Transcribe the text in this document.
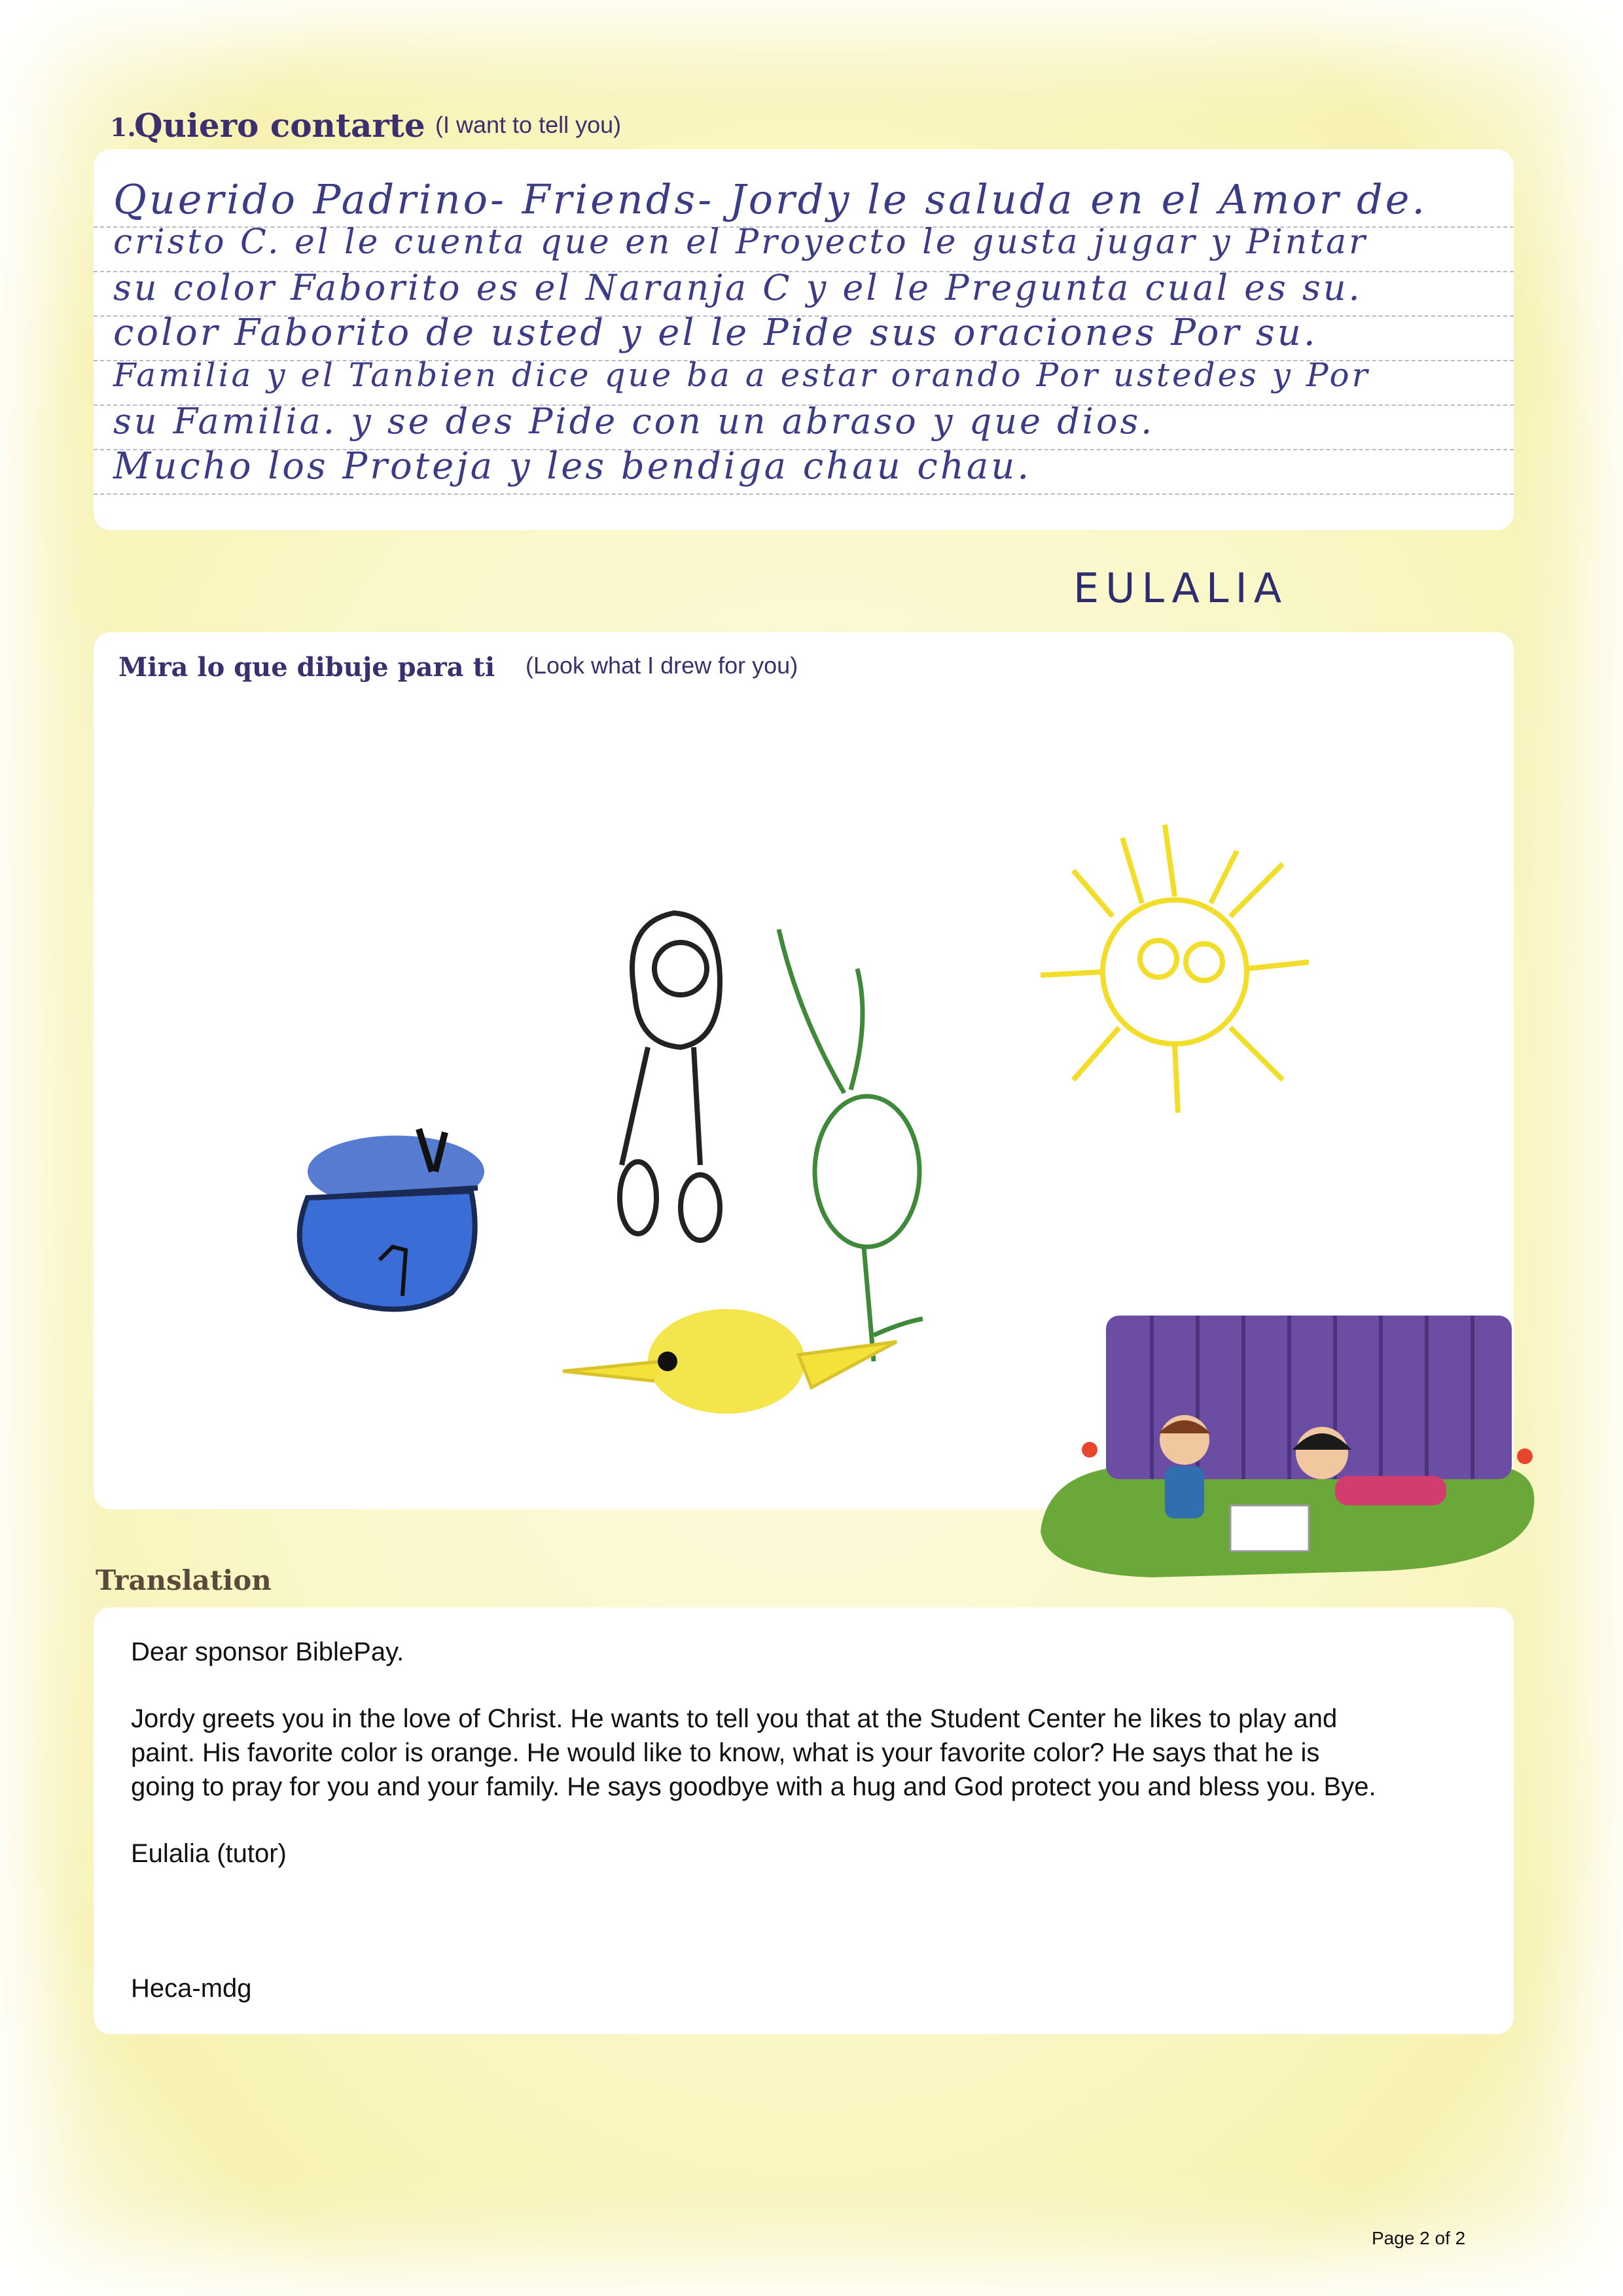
1.
Quiero contarte (I want to tell you)
Querido Padrino- Friends- Jordy le saluda en el Amor de.
cristo C. el le cuenta que en el Proyecto le gusta jugar y Pintar
su color Faborito es el Naranja C y el le Pregunta cual es su.
color Faborito de usted y el le Pide sus oraciones Por su.
Familia y el Tanbien dice que ba a estar orando Por ustedes y Por
su Familia. y se des Pide con un abraso y que dios.
Mucho los Proteja y les bendiga chau chau.
EULALIA
Mira lo que dibuje para ti (Look what I drew for you)
Translation
Dear sponsor BiblePay.
Jordy greets you in the love of Christ. He wants to tell you that at the Student Center he likes to play and
paint. His favorite color is orange. He would like to know, what is your favorite color? He says that he is
going to pray for you and your family. He says goodbye with a hug and God protect you and bless you. Bye.
Eulalia (tutor)
Heca-mdg
Page 2 of 2
